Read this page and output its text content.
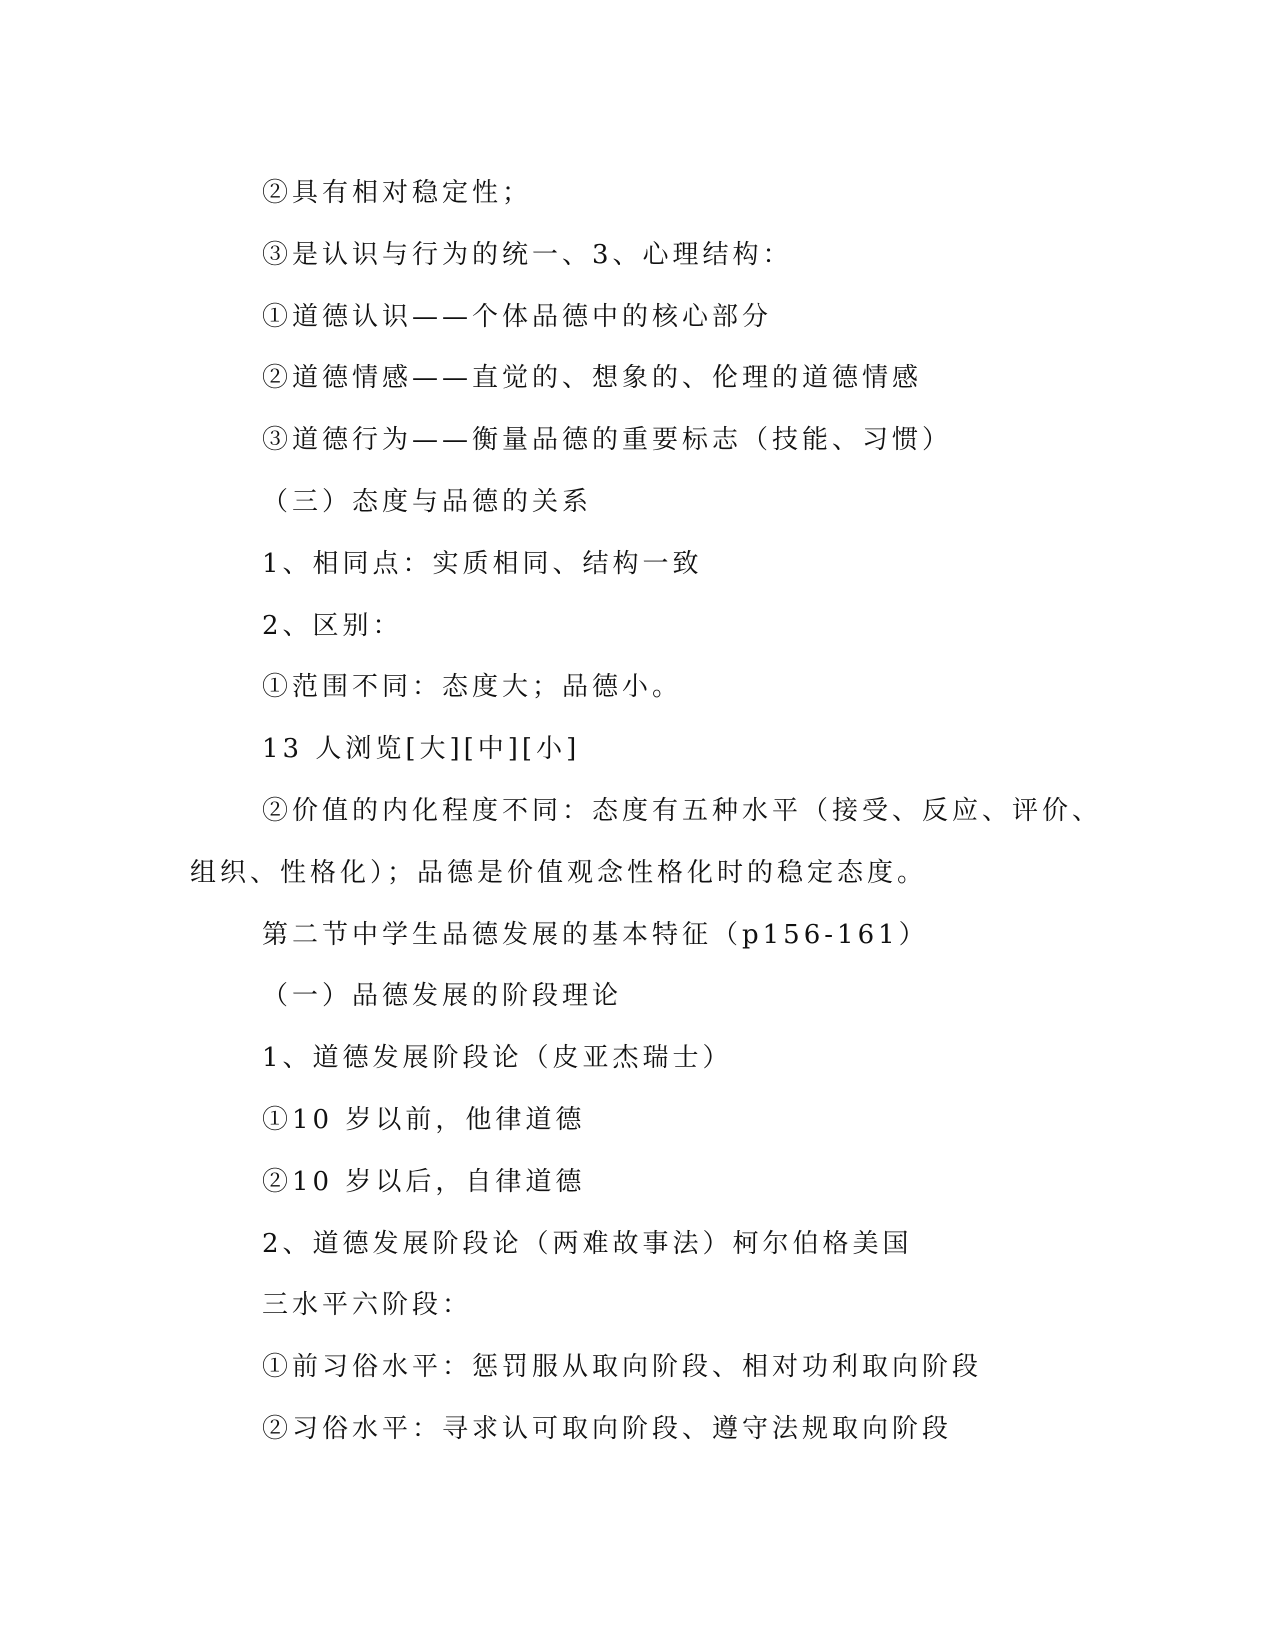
②具有相对稳定性；
③是认识与行为的统一、3、心理结构：
①道德认识——个体品德中的核心部分
②道德情感——直觉的、想象的、伦理的道德情感
③道德行为——衡量品德的重要标志（技能、习惯）
（三）态度与品德的关系
1、相同点：实质相同、结构一致
2、区别：
①范围不同：态度大；品德小。
13 人浏览[大][中][小]
②价值的内化程度不同：态度有五种水平（接受、反应、评价、
组织、性格化）；品德是价值观念性格化时的稳定态度。
第二节中学生品德发展的基本特征（p156-161）
（一）品德发展的阶段理论
1、道德发展阶段论（皮亚杰瑞士）
①10 岁以前，他律道德
②10 岁以后，自律道德
2、道德发展阶段论（两难故事法）柯尔伯格美国
三水平六阶段：
①前习俗水平：惩罚服从取向阶段、相对功利取向阶段
②习俗水平：寻求认可取向阶段、遵守法规取向阶段
